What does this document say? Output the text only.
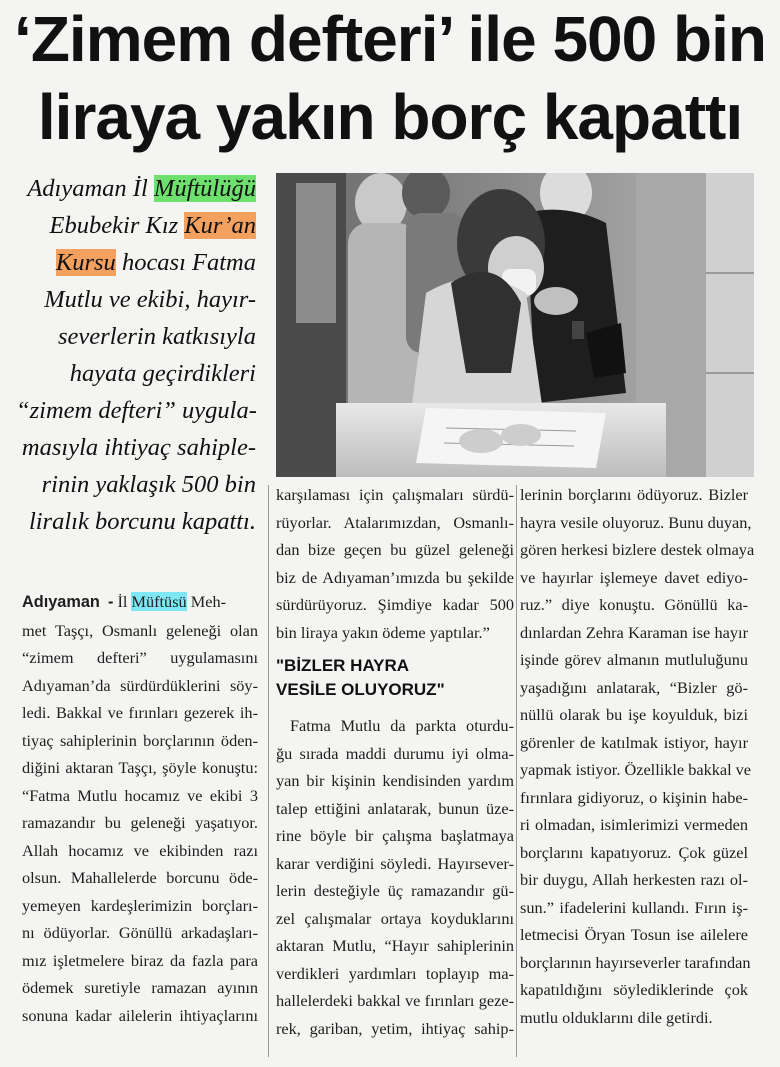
‘Zimem defteri’ ile 500 bin
liraya yakın borç kapattı
Adıyaman İl Müftülüğü
Ebubekir Kız Kur’an
Kursu hocası Fatma
Mutlu ve ekibi, hayır-
severlerin katkısıyla
hayata geçirdikleri
“zimem defteri” uygula-
masıyla ihtiyaç sahiple-
rinin yaklaşık 500 bin
liralık borcunu kapattı.
Adıyaman - İl Müftüsü Meh-
met Taşçı, Osmanlı geleneği olan
“zimem defteri” uygulamasını
Adıyaman’da sürdürdüklerini söy-
ledi. Bakkal ve fırınları gezerek ih-
tiyaç sahiplerinin borçlarının öden-
diğini aktaran Taşçı, şöyle konuştu:
“Fatma Mutlu hocamız ve ekibi 3
ramazandır bu geleneği yaşatıyor.
Allah hocamız ve ekibinden razı
olsun. Mahallelerde borcunu öde-
yemeyen kardeşlerimizin borçları-
nı ödüyorlar. Gönüllü arkadaşları-
mız işletmelere biraz da fazla para
ödemek suretiyle ramazan ayının
sonuna kadar ailelerin ihtiyaçlarını
karşılaması için çalışmaları sürdü-
rüyorlar. Atalarımızdan, Osmanlı-
dan bize geçen bu güzel geleneği
biz de Adıyaman’ımızda bu şekilde
sürdürüyoruz. Şimdiye kadar 500
bin liraya yakın ödeme yaptılar.”
"BİZLER HAYRA
VESİLE OLUYORUZ"
Fatma Mutlu da parkta oturdu-
ğu sırada maddi durumu iyi olma-
yan bir kişinin kendisinden yardım
talep ettiğini anlatarak, bunun üze-
rine böyle bir çalışma başlatmaya
karar verdiğini söyledi. Hayırsever-
lerin desteğiyle üç ramazandır gü-
zel çalışmalar ortaya koyduklarını
aktaran Mutlu, “Hayır sahiplerinin
verdikleri yardımları toplayıp ma-
hallelerdeki bakkal ve fırınları geze-
rek, gariban, yetim, ihtiyaç sahip-
lerinin borçlarını ödüyoruz. Bizler
hayra vesile oluyoruz. Bunu duyan,
gören herkesi bizlere destek olmaya
ve hayırlar işlemeye davet ediyo-
ruz.” diye konuştu. Gönüllü ka-
dınlardan Zehra Karaman ise hayır
işinde görev almanın mutluluğunu
yaşadığını anlatarak, “Bizler gö-
nüllü olarak bu işe koyulduk, bizi
görenler de katılmak istiyor, hayır
yapmak istiyor. Özellikle bakkal ve
fırınlara gidiyoruz, o kişinin habe-
ri olmadan, isimlerimizi vermeden
borçlarını kapatıyoruz. Çok güzel
bir duygu, Allah herkesten razı ol-
sun.” ifadelerini kullandı. Fırın iş-
letmecisi Öryan Tosun ise ailelere
borçlarının hayırseverler tarafından
kapatıldığını söylediklerinde çok
mutlu olduklarını dile getirdi.
